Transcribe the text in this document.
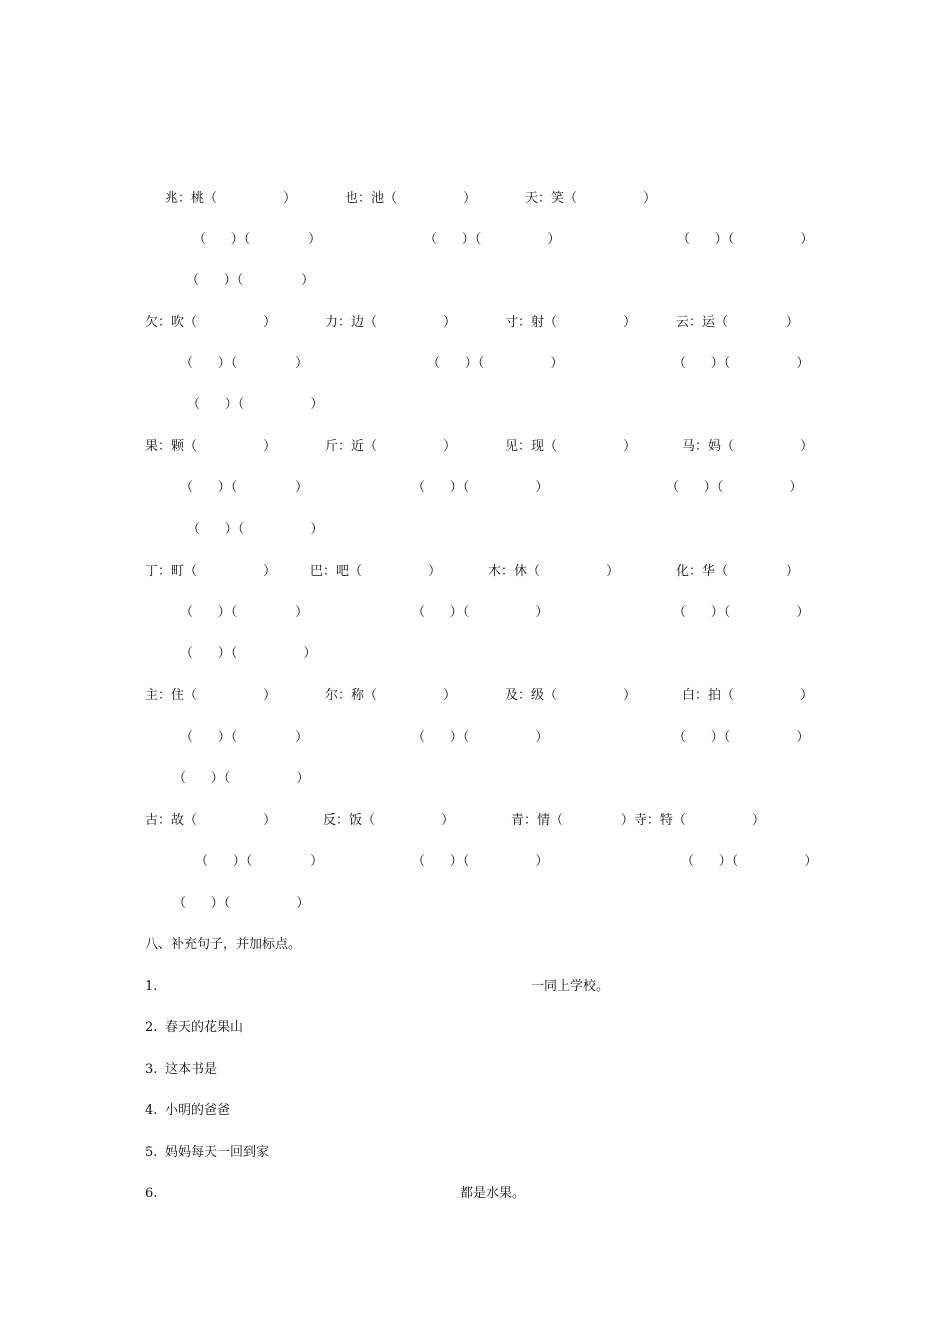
兆：桃（                ）	也：池（                ）	天：笑（                ）
（      ）（              ）	（      ）（                ）	（      ）（                ）
（      ）（              ）
欠：吹（                ）	力：边（                ）	寸：射（                ）	云：运（              ）
（      ）（              ）	（      ）（                ）	（      ）（                ）
（      ）（                ）
果：颗（                ）	斤：近（                ）	见：现（                ）	马：妈（                ）
（      ）（              ）	（      ）（                ）	（      ）（                ）
（      ）（                ）
丁：町（                ）	巴：吧（                ）	木：休（                ）	化：华（              ）
（      ）（              ）	（      ）（                ）	（      ）（                ）
（      ）（                ）
主：住（                ）	尔：称（                ）	及：级（                ）	白：拍（                ）
（      ）（              ）	（      ）（                ）	（      ）（                ）
（      ）（                ）
古：故（                ）	反：饭（                ）	青：情（              ）寺：特（                ）
（      ）（              ）	（      ）（                ）	（      ）（                ）
（      ）（                ）
八、补充句子，并加标点。
1.	一同上学校。
2. 春天的花果山
3. 这本书是
4. 小明的爸爸
5. 妈妈每天一回到家
6.	都是水果。
